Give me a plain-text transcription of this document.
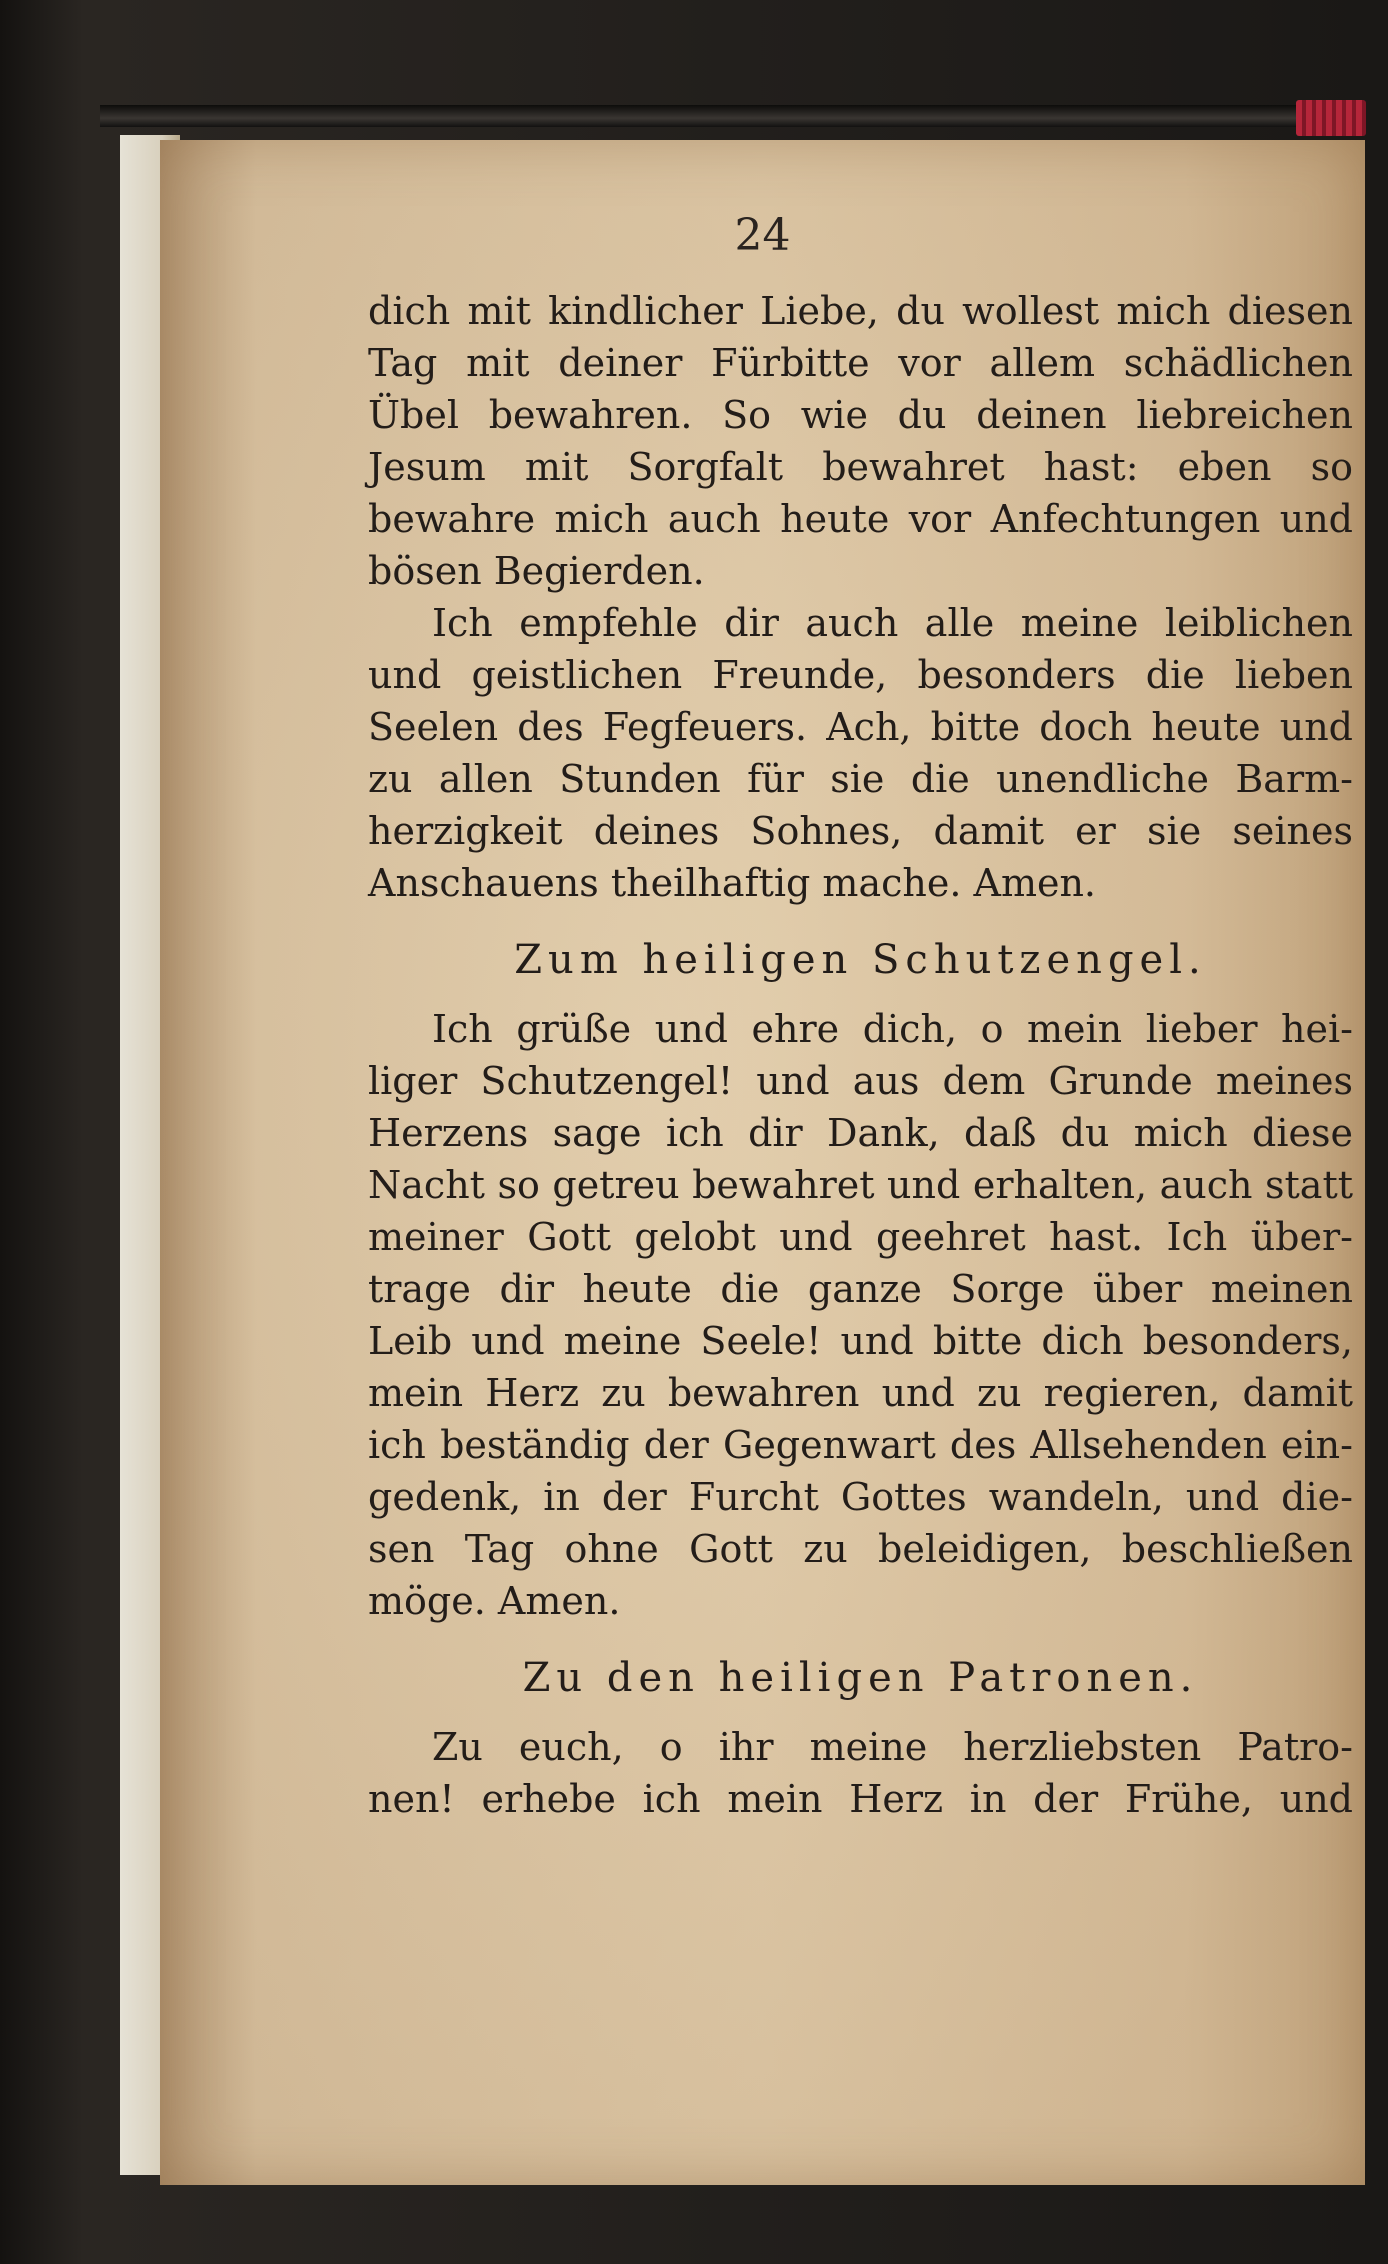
24
dich mit kindlicher Liebe, du wollest mich diesen
Tag mit deiner Fürbitte vor allem schädlichen
Übel bewahren. So wie du deinen liebreichen
Jesum mit Sorgfalt bewahret hast: eben so
bewahre mich auch heute vor Anfechtungen und
bösen Begierden.
Ich empfehle dir auch alle meine leiblichen
und geistlichen Freunde, besonders die lieben
Seelen des Fegfeuers. Ach, bitte doch heute und
zu allen Stunden für sie die unendliche Barm-
herzigkeit deines Sohnes, damit er sie seines
Anschauens theilhaftig mache. Amen.
Zum heiligen Schutzengel.
Ich grüße und ehre dich, o mein lieber hei-
liger Schutzengel! und aus dem Grunde meines
Herzens sage ich dir Dank, daß du mich diese
Nacht so getreu bewahret und erhalten, auch statt
meiner Gott gelobt und geehret hast. Ich über-
trage dir heute die ganze Sorge über meinen
Leib und meine Seele! und bitte dich besonders,
mein Herz zu bewahren und zu regieren, damit
ich beständig der Gegenwart des Allsehenden ein-
gedenk, in der Furcht Gottes wandeln, und die-
sen Tag ohne Gott zu beleidigen, beschließen
möge. Amen.
Zu den heiligen Patronen.
Zu euch, o ihr meine herzliebsten Patro-
nen! erhebe ich mein Herz in der Frühe, und
